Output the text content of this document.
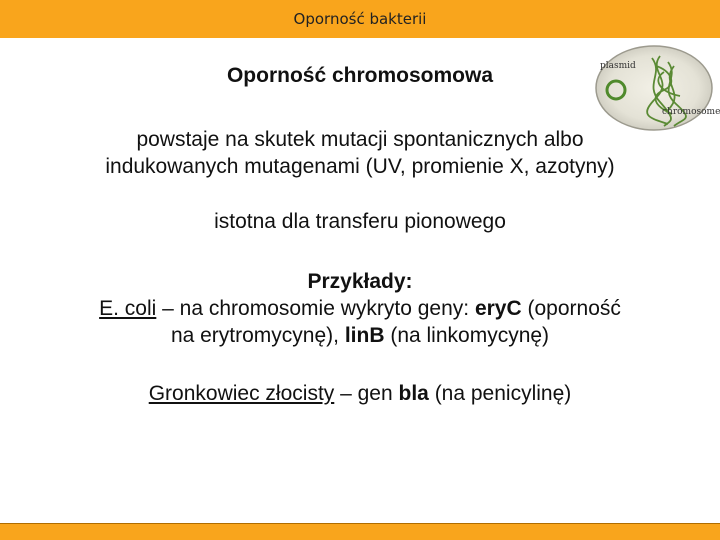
Oporność bakterii
Oporność chromosomowa	plasmid
chromosome
powstaje na skutek mutacji spontanicznych albo
indukowanych mutagenami (UV, promienie X, azotyny)
istotna dla transferu pionowego
Przykłady:
E. coli – na chromosomie wykryto geny: eryC (oporność
na erytromycynę), linB (na linkomycynę)
Gronkowiec złocisty – gen bla (na penicylinę)
